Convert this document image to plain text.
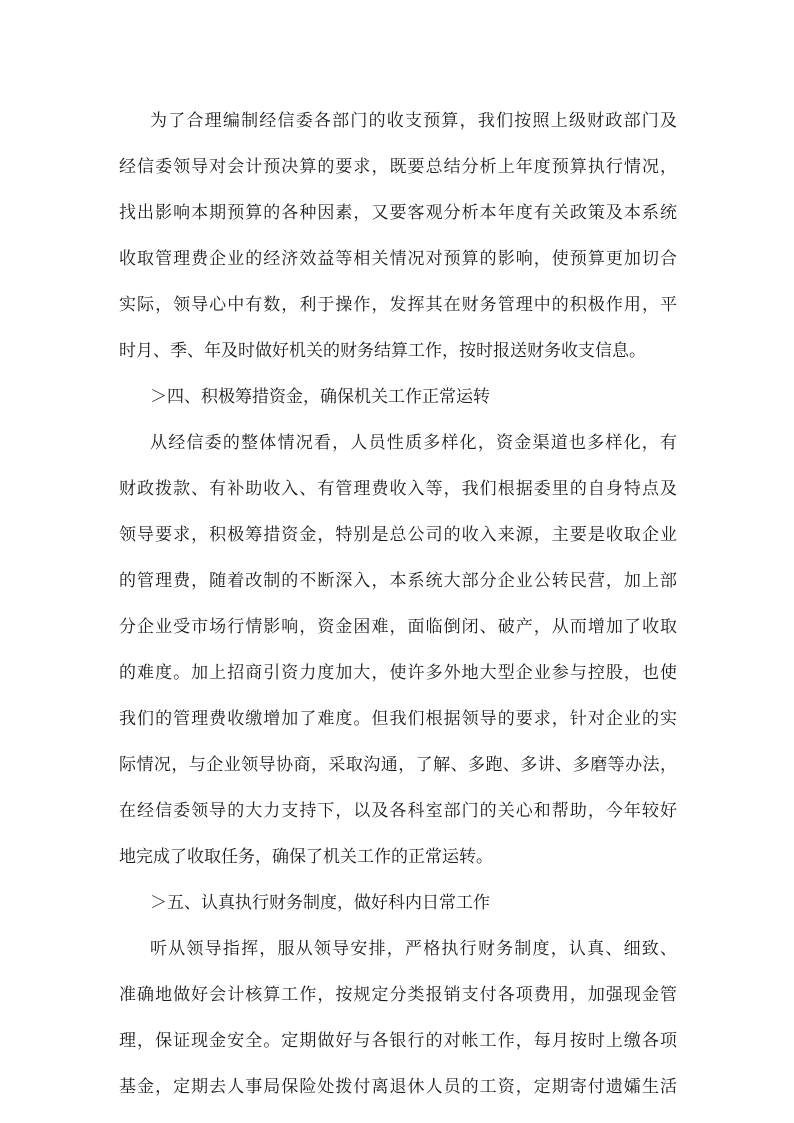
为了合理编制经信委各部门的收支预算，我们按照上级财政部门及
经信委领导对会计预决算的要求，既要总结分析上年度预算执行情况，
找出影响本期预算的各种因素，又要客观分析本年度有关政策及本系统
收取管理费企业的经济效益等相关情况对预算的影响，使预算更加切合
实际，领导心中有数，利于操作，发挥其在财务管理中的积极作用，平
时月、季、年及时做好机关的财务结算工作，按时报送财务收支信息。
＞四、积极筹措资金，确保机关工作正常运转
从经信委的整体情况看，人员性质多样化，资金渠道也多样化，有
财政拨款、有补助收入、有管理费收入等，我们根据委里的自身特点及
领导要求，积极筹措资金，特别是总公司的收入来源，主要是收取企业
的管理费，随着改制的不断深入，本系统大部分企业公转民营，加上部
分企业受市场行情影响，资金困难，面临倒闭、破产，从而增加了收取
的难度。加上招商引资力度加大，使许多外地大型企业参与控股，也使
我们的管理费收缴增加了难度。但我们根据领导的要求，针对企业的实
际情况，与企业领导协商，采取沟通，了解、多跑、多讲、多磨等办法，
在经信委领导的大力支持下，以及各科室部门的关心和帮助，今年较好
地完成了收取任务，确保了机关工作的正常运转。
＞五、认真执行财务制度，做好科内日常工作
听从领导指挥，服从领导安排，严格执行财务制度，认真、细致、
准确地做好会计核算工作，按规定分类报销支付各项费用，加强现金管
理，保证现金安全。定期做好与各银行的对帐工作，每月按时上缴各项
基金，定期去人事局保险处拨付离退休人员的工资，定期寄付遗孀生活
